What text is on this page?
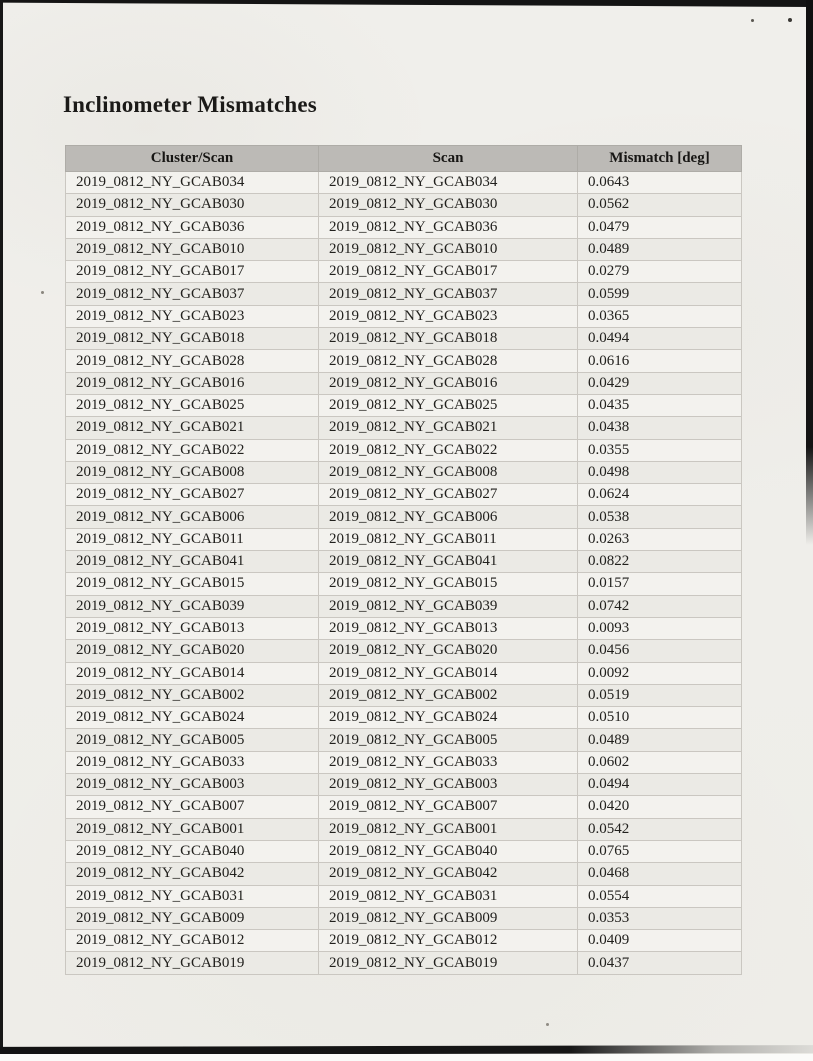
Inclinometer Mismatches
Cluster/Scan	Scan	Mismatch [deg]
2019_0812_NY_GCAB034	2019_0812_NY_GCAB034	0.0643
2019_0812_NY_GCAB030	2019_0812_NY_GCAB030	0.0562
2019_0812_NY_GCAB036	2019_0812_NY_GCAB036	0.0479
2019_0812_NY_GCAB010	2019_0812_NY_GCAB010	0.0489
2019_0812_NY_GCAB017	2019_0812_NY_GCAB017	0.0279
2019_0812_NY_GCAB037	2019_0812_NY_GCAB037	0.0599
2019_0812_NY_GCAB023	2019_0812_NY_GCAB023	0.0365
2019_0812_NY_GCAB018	2019_0812_NY_GCAB018	0.0494
2019_0812_NY_GCAB028	2019_0812_NY_GCAB028	0.0616
2019_0812_NY_GCAB016	2019_0812_NY_GCAB016	0.0429
2019_0812_NY_GCAB025	2019_0812_NY_GCAB025	0.0435
2019_0812_NY_GCAB021	2019_0812_NY_GCAB021	0.0438
2019_0812_NY_GCAB022	2019_0812_NY_GCAB022	0.0355
2019_0812_NY_GCAB008	2019_0812_NY_GCAB008	0.0498
2019_0812_NY_GCAB027	2019_0812_NY_GCAB027	0.0624
2019_0812_NY_GCAB006	2019_0812_NY_GCAB006	0.0538
2019_0812_NY_GCAB011	2019_0812_NY_GCAB011	0.0263
2019_0812_NY_GCAB041	2019_0812_NY_GCAB041	0.0822
2019_0812_NY_GCAB015	2019_0812_NY_GCAB015	0.0157
2019_0812_NY_GCAB039	2019_0812_NY_GCAB039	0.0742
2019_0812_NY_GCAB013	2019_0812_NY_GCAB013	0.0093
2019_0812_NY_GCAB020	2019_0812_NY_GCAB020	0.0456
2019_0812_NY_GCAB014	2019_0812_NY_GCAB014	0.0092
2019_0812_NY_GCAB002	2019_0812_NY_GCAB002	0.0519
2019_0812_NY_GCAB024	2019_0812_NY_GCAB024	0.0510
2019_0812_NY_GCAB005	2019_0812_NY_GCAB005	0.0489
2019_0812_NY_GCAB033	2019_0812_NY_GCAB033	0.0602
2019_0812_NY_GCAB003	2019_0812_NY_GCAB003	0.0494
2019_0812_NY_GCAB007	2019_0812_NY_GCAB007	0.0420
2019_0812_NY_GCAB001	2019_0812_NY_GCAB001	0.0542
2019_0812_NY_GCAB040	2019_0812_NY_GCAB040	0.0765
2019_0812_NY_GCAB042	2019_0812_NY_GCAB042	0.0468
2019_0812_NY_GCAB031	2019_0812_NY_GCAB031	0.0554
2019_0812_NY_GCAB009	2019_0812_NY_GCAB009	0.0353
2019_0812_NY_GCAB012	2019_0812_NY_GCAB012	0.0409
2019_0812_NY_GCAB019	2019_0812_NY_GCAB019	0.0437
